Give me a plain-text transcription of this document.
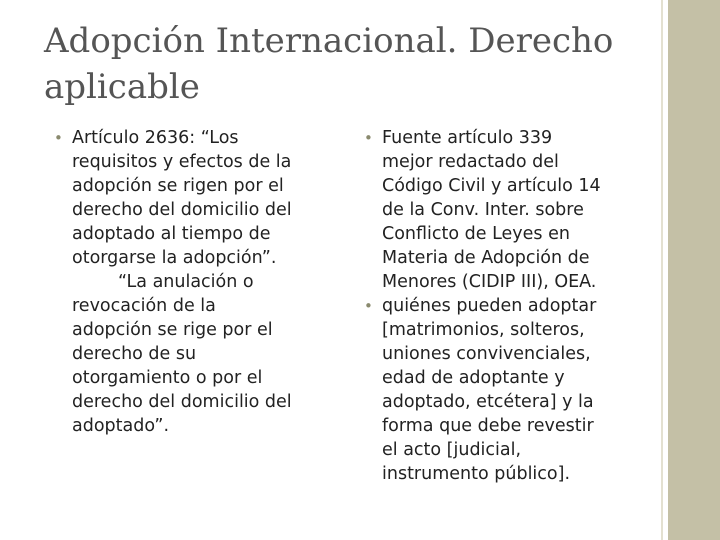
Adopción Internacional. Derecho
aplicable
• Artículo 2636: “Los
requisitos y efectos de la
adopción se rigen por el
derecho del domicilio del
adoptado al tiempo de
otorgarse la adopción”.
“La anulación o
revocación de la
adopción se rige por el
derecho de su
otorgamiento o por el
derecho del domicilio del
adoptado”.
• Fuente artículo 339
mejor redactado del
Código Civil y artículo 14
de la Conv. Inter. sobre
Conflicto de Leyes en
Materia de Adopción de
Menores (CIDIP III), OEA.
• quiénes pueden adoptar
[matrimonios, solteros,
uniones convivenciales,
edad de adoptante y
adoptado, etcétera] y la
forma que debe revestir
el acto [judicial,
instrumento público].
